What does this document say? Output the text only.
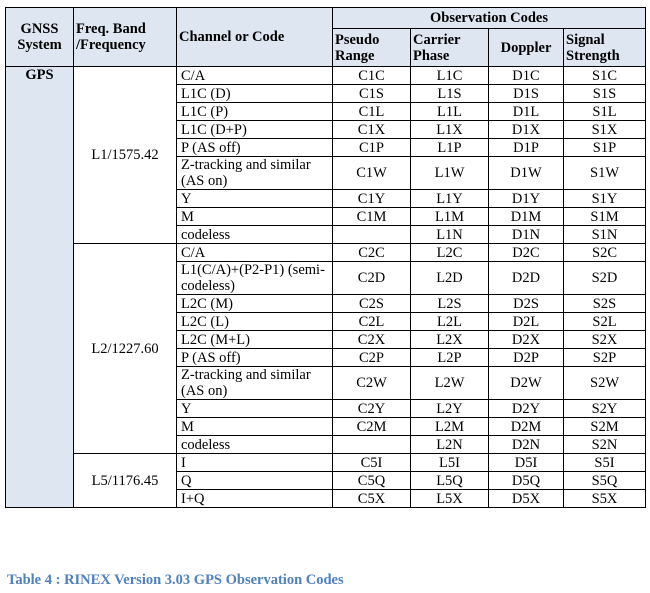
GNSS System	Freq. Band /Frequency	Channel or Code	Observation Codes			
			Pseudo Range	Carrier Phase	Doppler	Signal Strength
GPS	L1/1575.42	C/A	C1C	L1C	D1C	S1C
		L1C (D)	C1S	L1S	D1S	S1S
		L1C (P)	C1L	L1L	D1L	S1L
		L1C (D+P)	C1X	L1X	D1X	S1X
		P (AS off)	C1P	L1P	D1P	S1P
		Z-tracking and similar (AS on)	C1W	L1W	D1W	S1W
		Y	C1Y	L1Y	D1Y	S1Y
		M	C1M	L1M	D1M	S1M
		codeless		L1N	D1N	S1N
	L2/1227.60	C/A	C2C	L2C	D2C	S2C
		L1(C/A)+(P2-P1) (semi-codeless)	C2D	L2D	D2D	S2D
		L2C (M)	C2S	L2S	D2S	S2S
		L2C (L)	C2L	L2L	D2L	S2L
		L2C (M+L)	C2X	L2X	D2X	S2X
		P (AS off)	C2P	L2P	D2P	S2P
		Z-tracking and similar (AS on)	C2W	L2W	D2W	S2W
		Y	C2Y	L2Y	D2Y	S2Y
		M	C2M	L2M	D2M	S2M
		codeless		L2N	D2N	S2N
	L5/1176.45	I	C5I	L5I	D5I	S5I
		Q	C5Q	L5Q	D5Q	S5Q
		I+Q	C5X	L5X	D5X	S5X
Table 4 : RINEX Version 3.03 GPS Observation Codes
